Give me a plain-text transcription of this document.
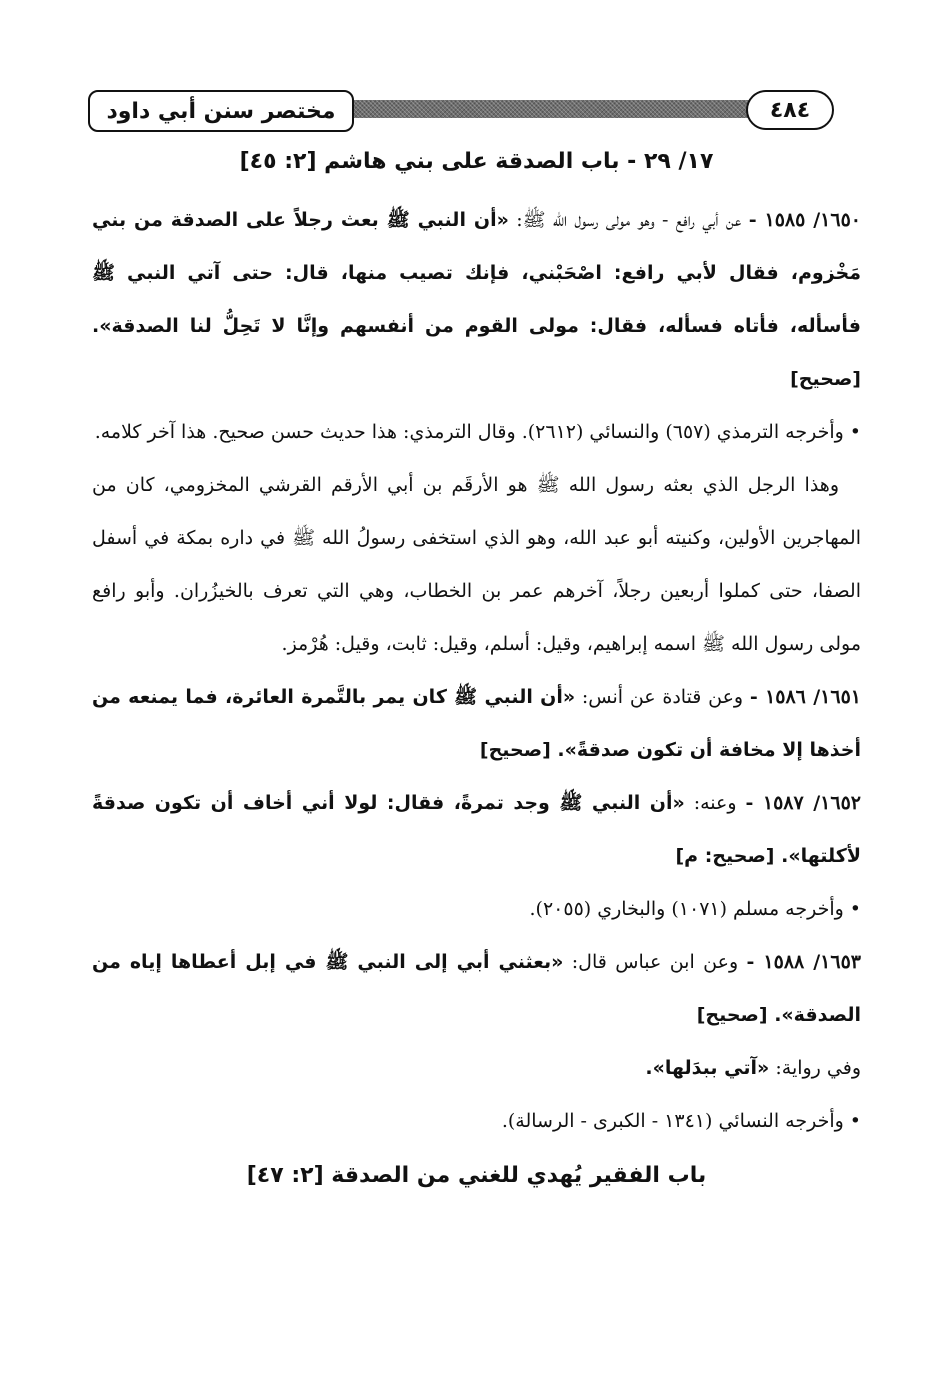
مختصر سنن أبي داود	٤٨٤

١٧/ ٢٩ - باب الصدقة على بني هاشم [٢: ٤٥]

١٦٥٠/ ١٥٨٥ - عن أبي رافع - وهو مولى رسول الله ﷺ: «أن النبي ﷺ بعث رجلاً على الصدقة من بني مَخْزوم، فقال لأبي رافع: اصْحَبْني، فإنك تصيب منها، قال: حتى آتي النبي ﷺ فأسأله، فأتاه فسأله، فقال: مولى القوم من أنفسهم وإنَّا لا تَحِلُّ لنا الصدقة». [صحيح]

•وأخرجه الترمذي (٦٥٧) والنسائي (٢٦١٢). وقال الترمذي: هذا حديث حسن صحيح. هذا آخر كلامه.

وهذا الرجل الذي بعثه رسول الله ﷺ هو الأرقَم بن أبي الأرقم القرشي المخزومي، كان من المهاجرين الأولين، وكنيته أبو عبد الله، وهو الذي استخفى رسولُ الله ﷺ في داره بمكة في أسفل الصفا، حتى كملوا أربعين رجلاً، آخرهم عمر بن الخطاب، وهي التي تعرف بالخيزُران. وأبو رافع مولى رسول الله ﷺ اسمه إبراهيم، وقيل: أسلم، وقيل: ثابت، وقيل: هُرْمز.

١٦٥١/ ١٥٨٦ - وعن قتادة عن أنس: «أن النبي ﷺ كان يمر بالتَّمرة العائرة، فما يمنعه من أخذها إلا مخافة أن تكون صدقةً». [صحيح]

١٦٥٢/ ١٥٨٧ - وعنه: «أن النبي ﷺ وجد تمرةً، فقال: لولا أني أخاف أن تكون صدقةً لأكلتها». [صحيح: م]

•وأخرجه مسلم (١٠٧١) والبخاري (٢٠٥٥).

١٦٥٣/ ١٥٨٨ - وعن ابن عباس قال: «بعثني أبي إلى النبي ﷺ في إبل أعطاها إياه من الصدقة». [صحيح]

وفي رواية: «آتي ببدَلها».

•وأخرجه النسائي (١٣٤١ - الكبرى - الرسالة).

باب الفقير يُهدي للغني من الصدقة [٢: ٤٧]
